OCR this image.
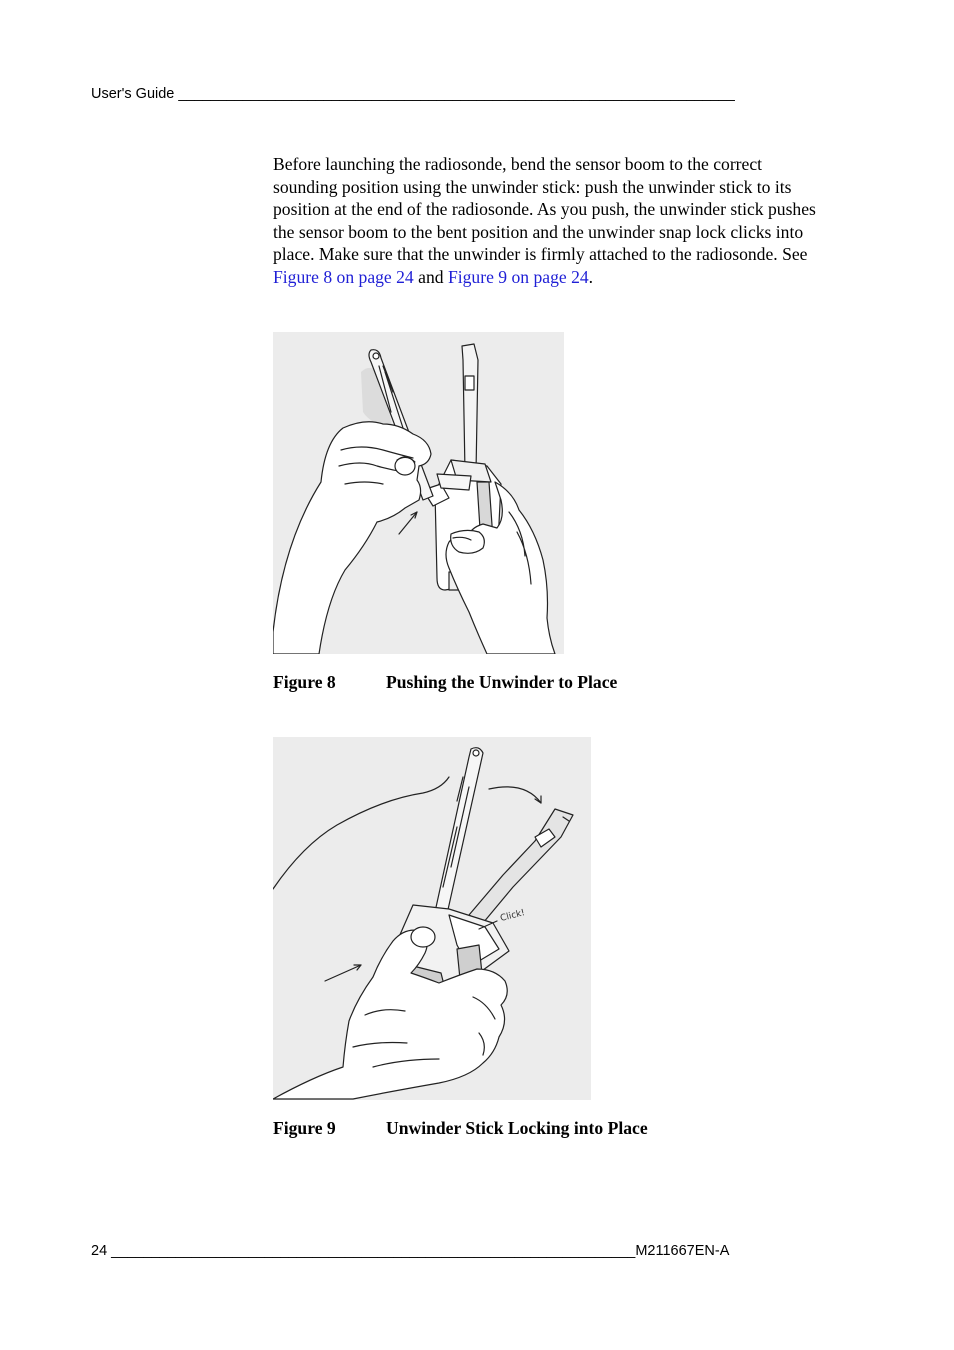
User's Guide _____________________________________________________________________

Before launching the radiosonde, bend the sensor boom to the correct sounding position using the unwinder stick: push the unwinder stick to its position at the end of the radiosonde. As you push, the unwinder stick pushes the sensor boom to the bent position and the unwinder snap lock clicks into place. Make sure that the unwinder is firmly attached to the radiosonde. See Figure 8 on page 24 and Figure 9 on page 24.

Figure 8	Pushing the Unwinder to Place
Click!
Figure 9	Unwinder Stick Locking into Place
24 _________________________________________________________________M211667EN-A
